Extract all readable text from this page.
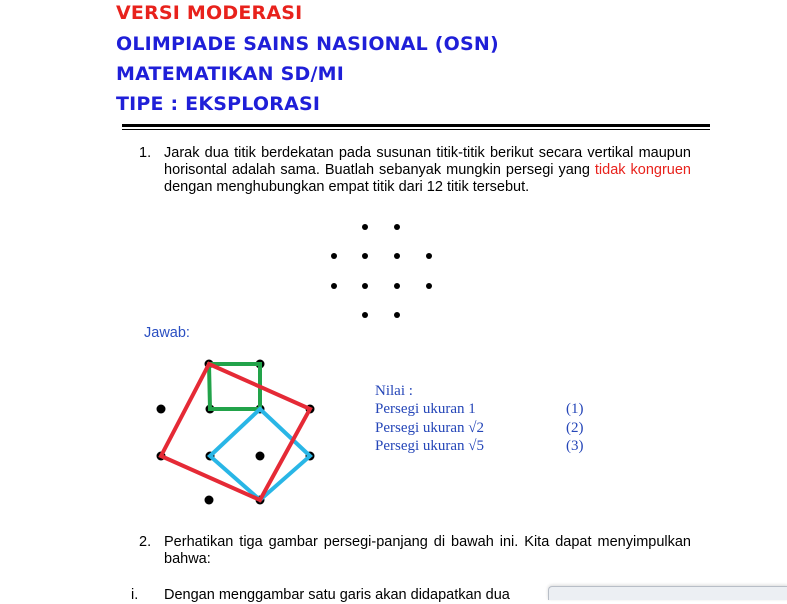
VERSI MODERASI

OLIMPIADE SAINS NASIONAL (OSN)

MATEMATIKAN SD/MI

TIPE : EKSPLORASI

1. Jarak dua titik berdekatan pada susunan titik-titik berikut secara vertikal maupun horisontal adalah sama. Buatlah sebanyak mungkin persegi yang tidak kongruen dengan menghubungkan empat titik dari 12 titik tersebut.

Jawab:
Nilai :
Persegi ukuran 1
Persegi ukuran √2
Persegi ukuran √5
(1)
(2)
(3)
2. Perhatikan tiga gambar persegi-panjang di bawah ini. Kita dapat menyimpulkan bahwa:

i. Dengan menggambar satu garis akan didapatkan dua
